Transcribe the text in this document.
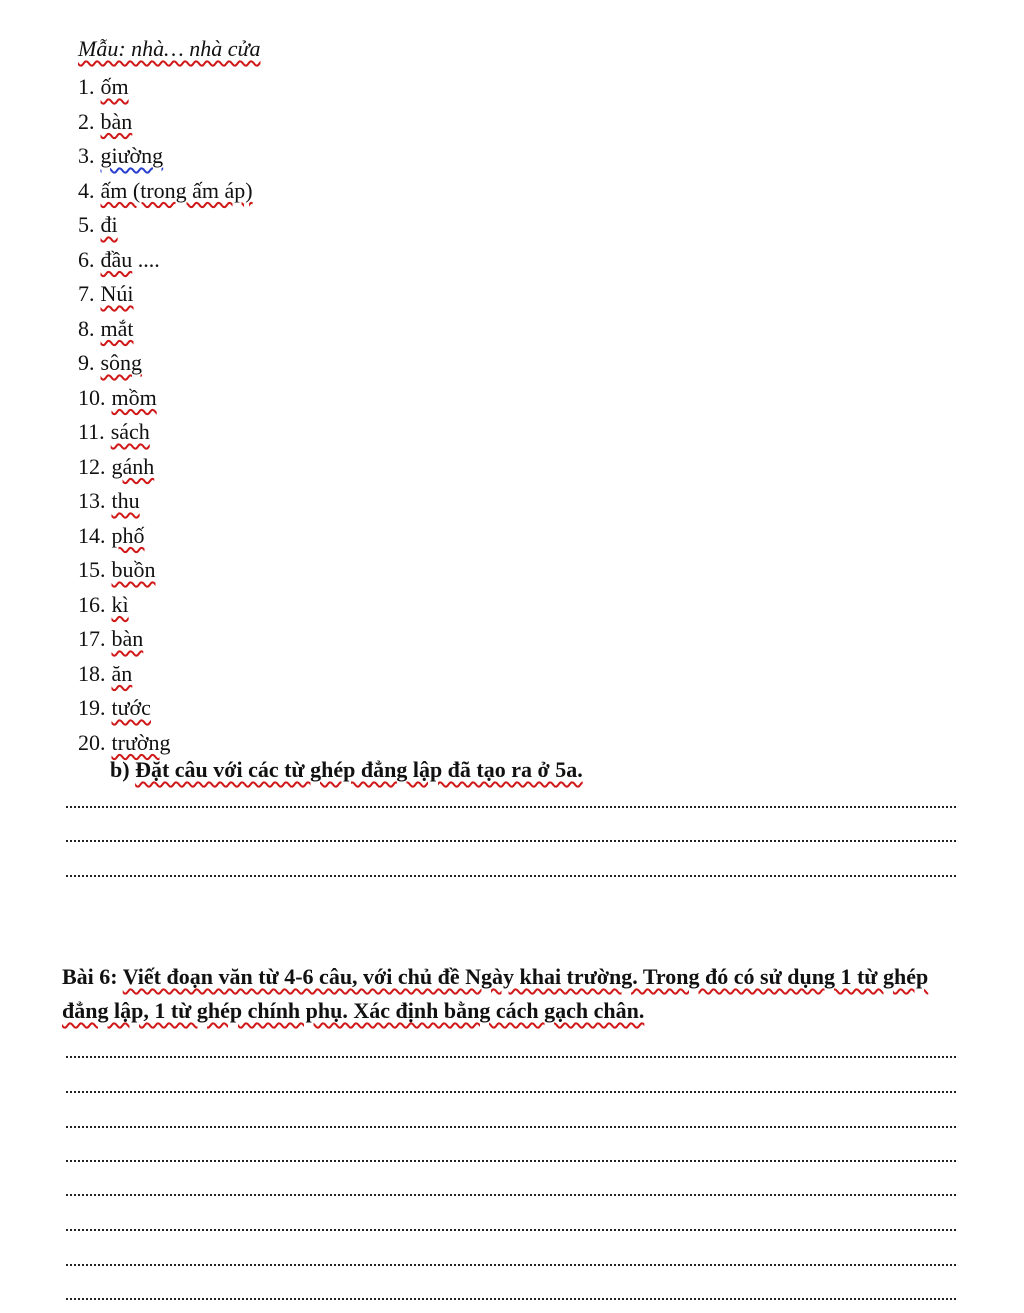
Mẫu: nhà… nhà cửa
1. ốm
2. bàn
3. giường
4. ấm (trong ấm áp)
5. đi
6. đầu ....
7. Núi
8. mắt
9. sông
10. mồm
11. sách
12. gánh
13. thu
14. phố
15. buồn
16. kì
17. bàn
18. ăn
19. tước
20. trường
b) Đặt câu với các từ ghép đẳng lập đã tạo ra ở 5a.
Bài 6: Viết đoạn văn từ 4-6 câu, với chủ đề Ngày khai trường. Trong đó có sử dụng 1 từ ghép đẳng lập, 1 từ ghép chính phụ. Xác định bằng cách gạch chân.
